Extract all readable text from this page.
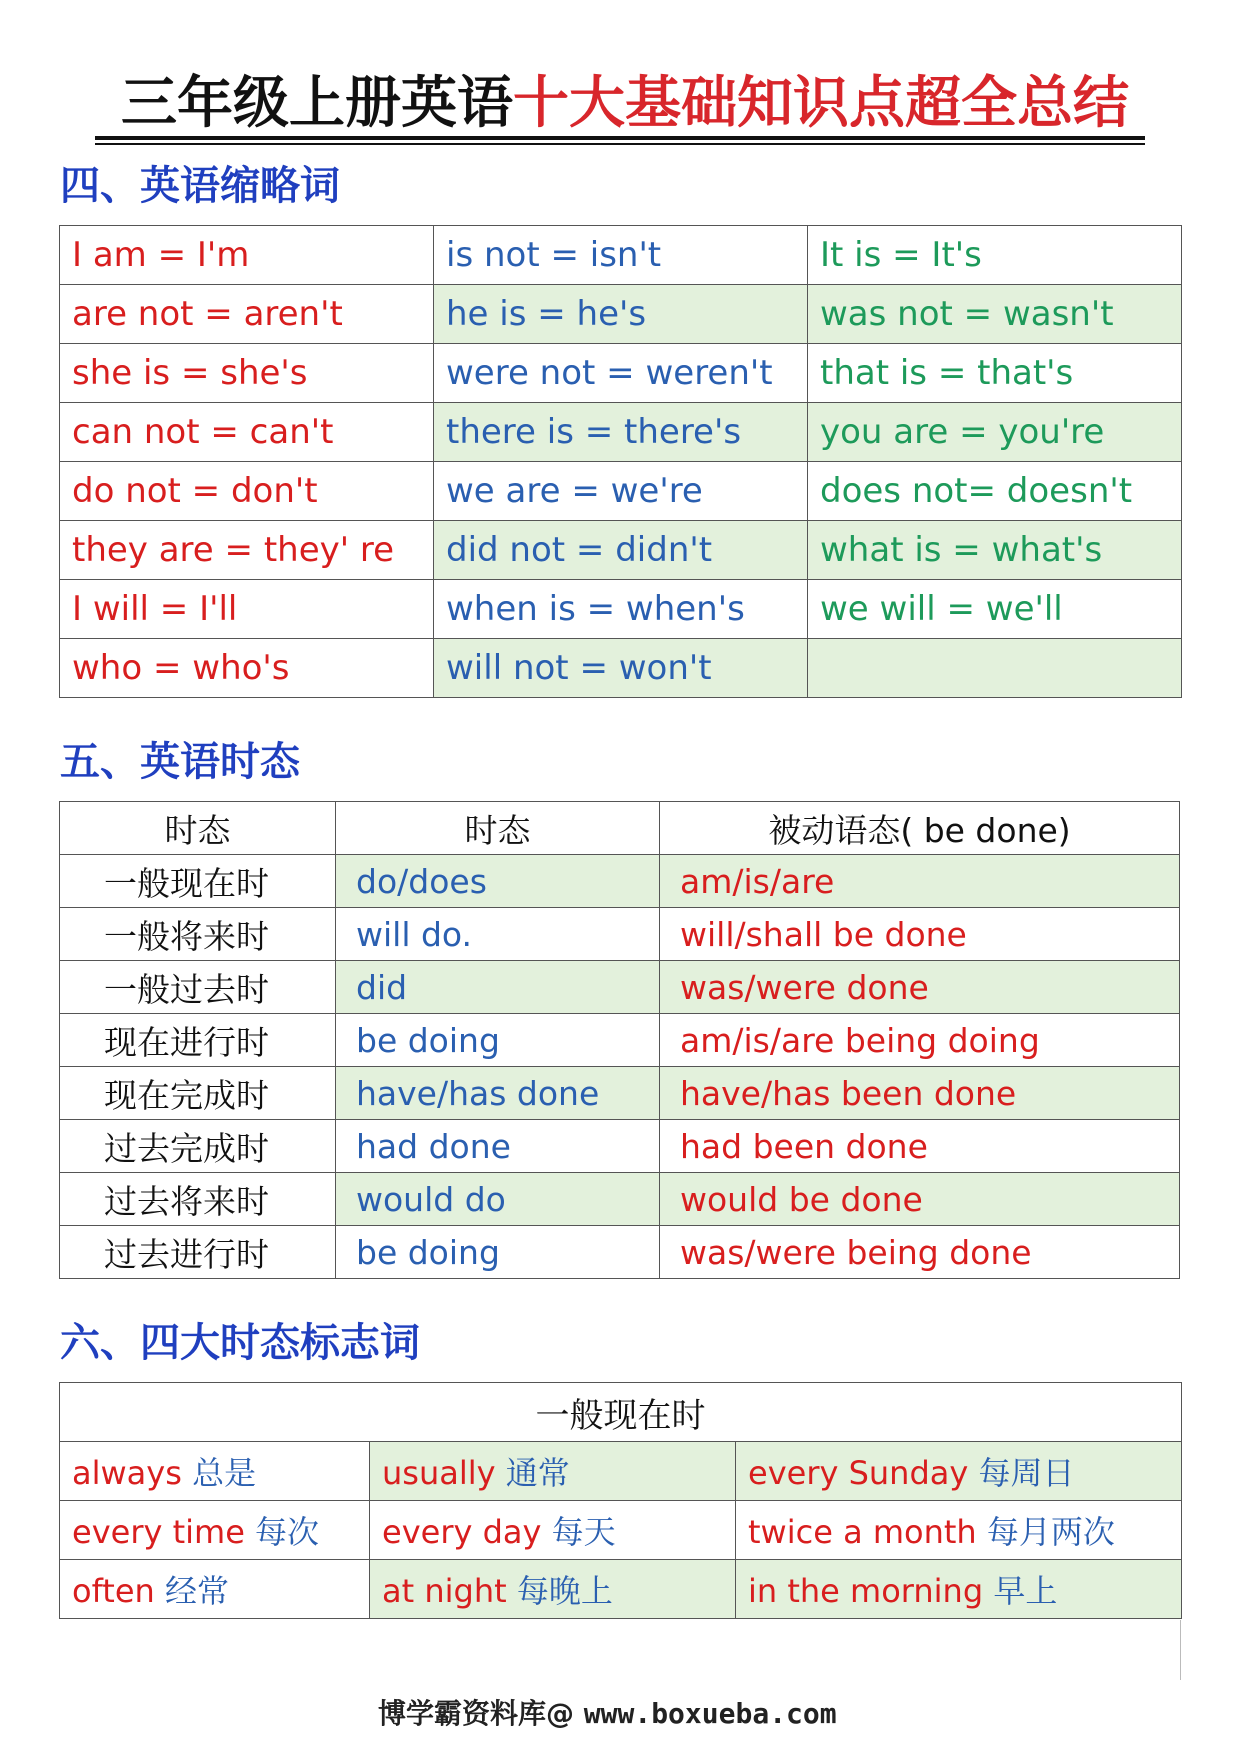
三年级上册英语十大基础知识点超全总结
四、英语缩略词
I am = I'm	is not = isn't	It is = It's
are not = aren't	he is = he's	was not = wasn't
she is = she's	were not = weren't	that is = that's
can not = can't	there is = there's	you are = you're
do not = don't	we are = we're	does not= doesn't
they are = they' re	did not = didn't	what is = what's
I will = I'll	when is = when's	we will = we'll
who = who's	will not = won't	
五、英语时态
时态	时态	被动语态( be done)
一般现在时	do/does	am/is/are
一般将来时	will do.	will/shall be done
一般过去时	did	was/were done
现在进行时	be doing	am/is/are being doing
现在完成时	have/has done	have/has been done
过去完成时	had done	had been done
过去将来时	would do	would be done
过去进行时	be doing	was/were being done
六、四大时态标志词
一般现在时		
always 总是	usually 通常	every Sunday 每周日
every time 每次	every day 每天	twice a month 每月两次
often 经常	at night 每晚上	in the morning 早上
博学霸资料库@ www.boxueba.com
